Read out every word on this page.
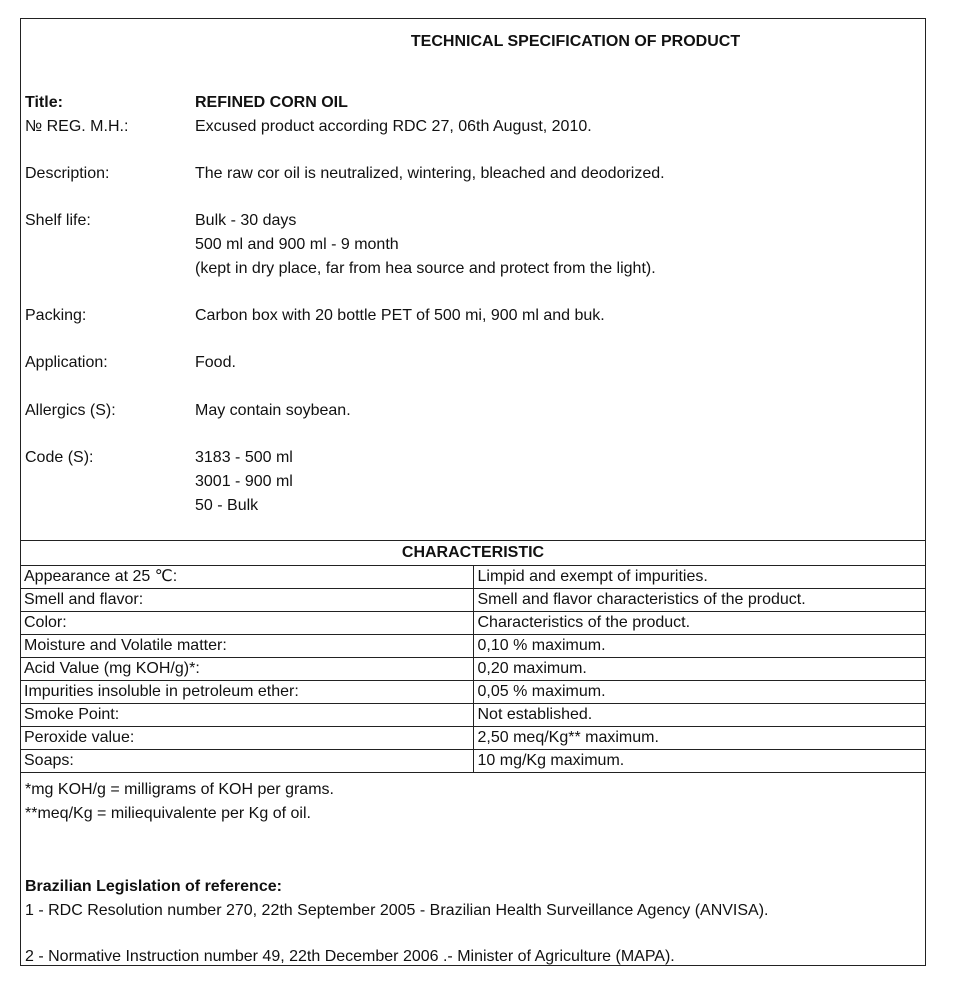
TECHNICAL SPECIFICATION OF PRODUCT
Title:	REFINED CORN OIL
№ REG. M.H.:	Excused product according RDC 27, 06th August, 2010.
Description:	The raw cor oil is neutralized, wintering, bleached and deodorized.
Shelf life:	Bulk - 30 days
500 ml and 900 ml - 9 month
(kept in dry place, far from hea source and protect from the light).
Packing:	Carbon box with 20 bottle PET of 500 mi, 900 ml and buk.
Application:	Food.
Allergics (S):	May contain soybean.
Code (S):	3183 - 500 ml
3001 - 900 ml
50 - Bulk
CHARACTERISTIC	
Appearance at 25 ℃:	Limpid and exempt of impurities.
Smell and flavor:	Smell and flavor characteristics of the product.
Color:	Characteristics of the product.
Moisture and Volatile matter:	0,10 % maximum.
Acid Value (mg KOH/g)*:	0,20 maximum.
Impurities insoluble in petroleum ether:	0,05 % maximum.
Smoke Point:	Not established.
Peroxide value:	2,50 meq/Kg** maximum.
Soaps:	10 mg/Kg maximum.
*mg KOH/g = milligrams of KOH per grams.
**meq/Kg = miliequivalente per Kg of oil.
Brazilian Legislation of reference:
1 - RDC Resolution number 270, 22th September 2005 - Brazilian Health Surveillance Agency (ANVISA).
2 - Normative Instruction number 49, 22th December 2006 .- Minister of Agriculture (MAPA).
